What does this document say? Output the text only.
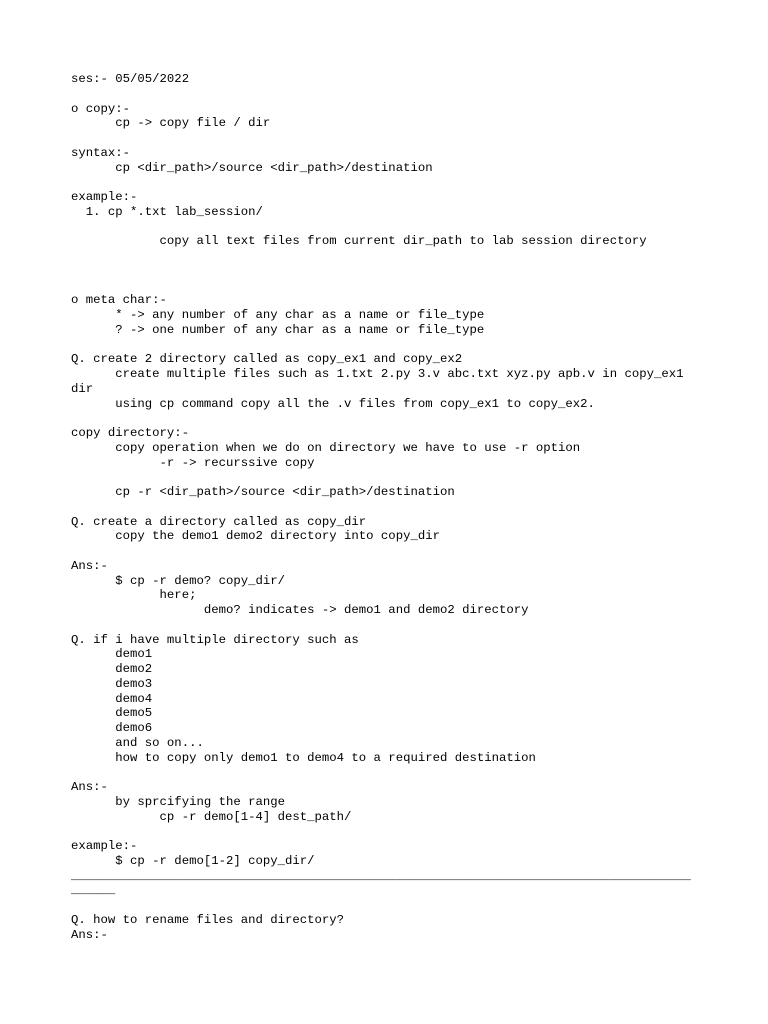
ses:- 05/05/2022
o copy:-
cp -> copy file / dir
syntax:-
cp <dir_path>/source <dir_path>/destination
example:-
1. cp *.txt lab_session/
copy all text files from current dir_path to lab session directory
o meta char:-
* -> any number of any char as a name or file_type
? -> one number of any char as a name or file_type
Q. create 2 directory called as copy_ex1 and copy_ex2
create multiple files such as 1.txt 2.py 3.v abc.txt xyz.py apb.v in copy_ex1
dir
using cp command copy all the .v files from copy_ex1 to copy_ex2.
copy directory:-
copy operation when we do on directory we have to use -r option
-r -> recurssive copy
cp -r <dir_path>/source <dir_path>/destination
Q. create a directory called as copy_dir
copy the demo1 demo2 directory into copy_dir
Ans:-
$ cp -r demo? copy_dir/
here;
demo? indicates -> demo1 and demo2 directory
Q. if i have multiple directory such as
demo1
demo2
demo3
demo4
demo5
demo6
and so on...
how to copy only demo1 to demo4 to a required destination
Ans:-
by sprcifying the range
cp -r demo[1-4] dest_path/
example:-
$ cp -r demo[1-2] copy_dir/
____________________________________________________________________________________
______
Q. how to rename files and directory?
Ans:-
